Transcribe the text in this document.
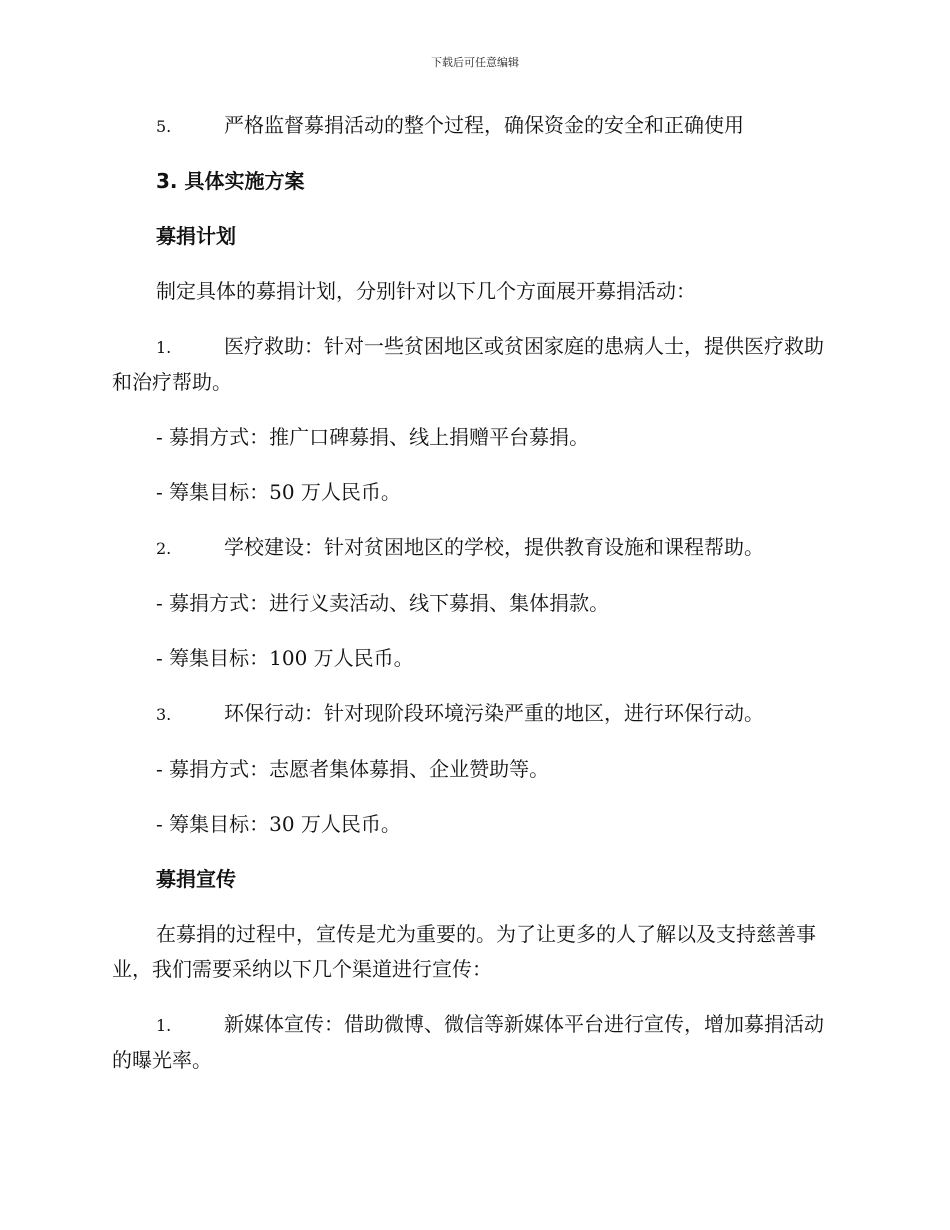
下载后可任意编辑

5.	严格监督募捐活动的整个过程，确保资金的安全和正确使用

3. 具体实施方案

募捐计划

制定具体的募捐计划，分别针对以下几个方面展开募捐活动：

1.	医疗救助：针对一些贫困地区或贫困家庭的患病人士，提供医疗救助和治疗帮助。

- 募捐方式：推广口碑募捐、线上捐赠平台募捐。

- 筹集目标：50 万人民币。

2.	学校建设：针对贫困地区的学校，提供教育设施和课程帮助。

- 募捐方式：进行义卖活动、线下募捐、集体捐款。

- 筹集目标：100 万人民币。

3.	环保行动：针对现阶段环境污染严重的地区，进行环保行动。

- 募捐方式：志愿者集体募捐、企业赞助等。

- 筹集目标：30 万人民币。

募捐宣传

在募捐的过程中，宣传是尤为重要的。为了让更多的人了解以及支持慈善事业，我们需要采纳以下几个渠道进行宣传：

1.	新媒体宣传：借助微博、微信等新媒体平台进行宣传，增加募捐活动的曝光率。
